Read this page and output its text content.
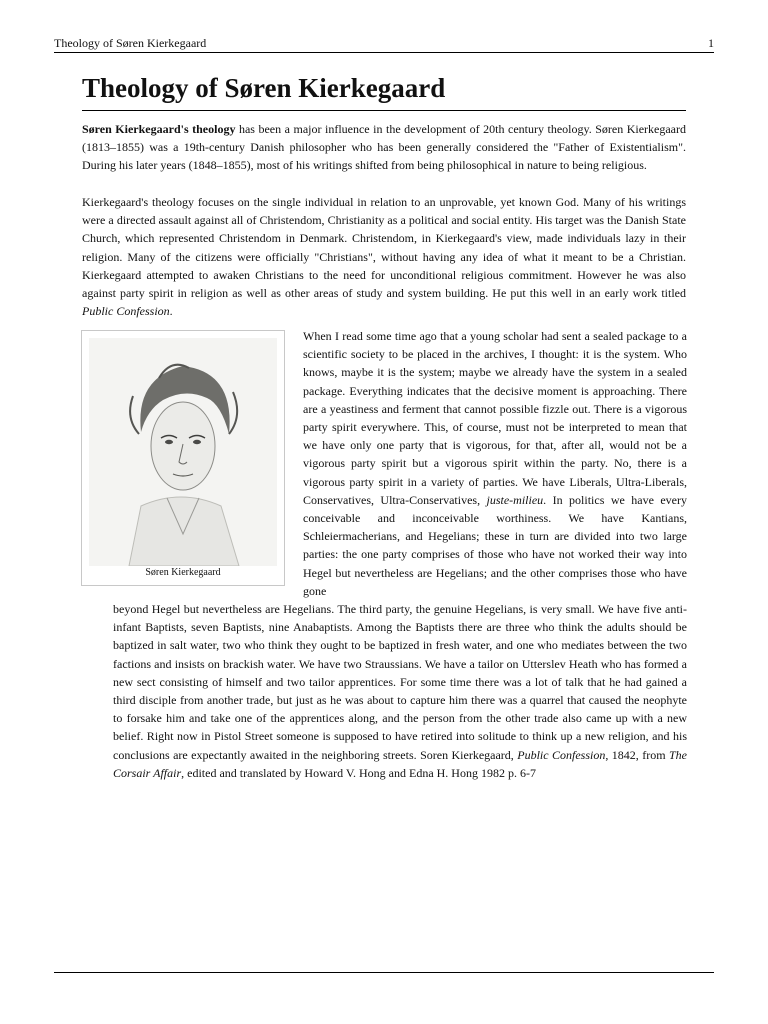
Theology of Søren Kierkegaard	1
Theology of Søren Kierkegaard

Søren Kierkegaard's theology has been a major influence in the development of 20th century theology. Søren Kierkegaard (1813–1855) was a 19th-century Danish philosopher who has been generally considered the "Father of Existentialism". During his later years (1848–1855), most of his writings shifted from being philosophical in nature to being religious.

Kierkegaard's theology focuses on the single individual in relation to an unprovable, yet known God. Many of his writings were a directed assault against all of Christendom, Christianity as a political and social entity. His target was the Danish State Church, which represented Christendom in Denmark. Christendom, in Kierkegaard's view, made individuals lazy in their religion. Many of the citizens were officially "Christians", without having any idea of what it meant to be a Christian. Kierkegaard attempted to awaken Christians to the need for unconditional religious commitment. However he was also against party spirit in religion as well as other areas of study and system building. He put this well in an early work titled Public Confession.

Søren Kierkegaard

When I read some time ago that a young scholar had sent a sealed package to a scientific society to be placed in the archives, I thought: it is the system. Who knows, maybe it is the system; maybe we already have the system in a sealed package. Everything indicates that the decisive moment is approaching. There are a yeastiness and ferment that cannot possible fizzle out. There is a vigorous party spirit everywhere. This, of course, must not be interpreted to mean that we have only one party that is vigorous, for that, after all, would not be a vigorous party spirit but a vigorous spirit within the party. No, there is a vigorous party spirit in a variety of parties. We have Liberals, Ultra-Liberals, Conservatives, Ultra-Conservatives, juste-milieu. In politics we have every conceivable and inconceivable worthiness. We have Kantians, Schleiermacherians, and Hegelians; these in turn are divided into two large parties: the one party comprises of those who have not worked their way into Hegel but nevertheless are Hegelians; and the other comprises those who have gone

beyond Hegel but nevertheless are Hegelians. The third party, the genuine Hegelians, is very small. We have five anti-infant Baptists, seven Baptists, nine Anabaptists. Among the Baptists there are three who think the adults should be baptized in salt water, two who think they ought to be baptized in fresh water, and one who mediates between the two factions and insists on brackish water. We have two Straussians. We have a tailor on Utterslev Heath who has formed a new sect consisting of himself and two tailor apprentices. For some time there was a lot of talk that he had gained a third disciple from another trade, but just as he was about to capture him there was a quarrel that caused the neophyte to forsake him and take one of the apprentices along, and the person from the other trade also came up with a new belief. Right now in Pistol Street someone is supposed to have retired into solitude to think up a new religion, and his conclusions are expectantly awaited in the neighboring streets. Soren Kierkegaard, Public Confession, 1842, from The Corsair Affair, edited and translated by Howard V. Hong and Edna H. Hong 1982 p. 6-7
